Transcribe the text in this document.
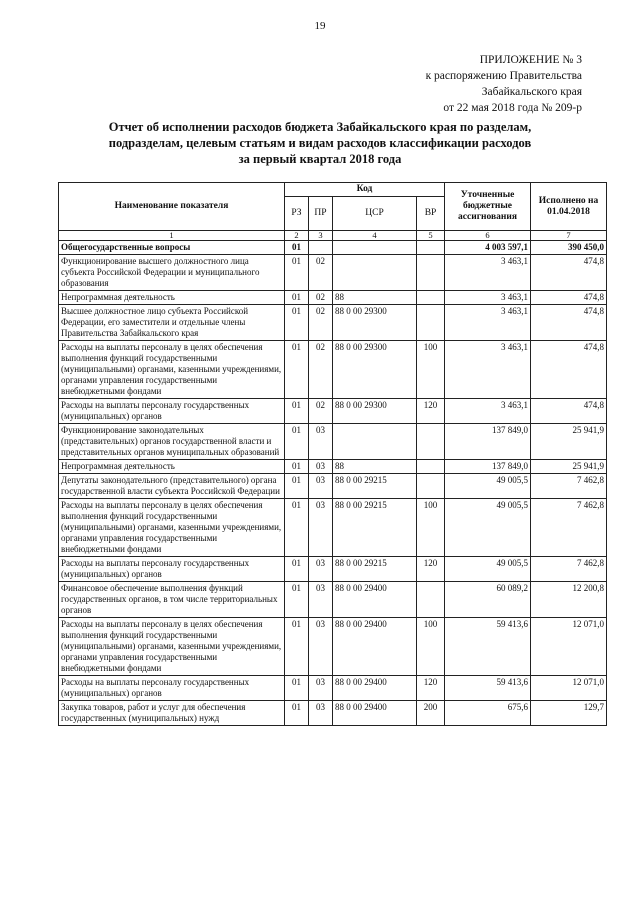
19
ПРИЛОЖЕНИЕ № 3
к распоряжению Правительства
Забайкальского края
от 22 мая 2018 года № 209-р
Отчет об исполнении расходов бюджета Забайкальского края по разделам,
подразделам, целевым статьям и видам расходов классификации расходов
за первый квартал 2018 года
Наименование показателя	Код				Уточненные бюджетные ассигнования	Исполнено на 01.04.2018
	РЗ	ПР	ЦСР	ВР		
1	2	3	4	5	6	7
Общегосударственные вопросы	01				4 003 597,1	390 450,0
Функционирование высшего должностного лица субъекта Российской Федерации и муниципального образования	01	02			3 463,1	474,8
Непрограммная деятельность	01	02	88		3 463,1	474,8
Высшее должностное лицо субъекта Российской Федерации, его заместители и отдельные члены Правительства Забайкальского края	01	02	88 0 00 29300		3 463,1	474,8
Расходы на выплаты персоналу в целях обеспечения выполнения функций государственными (муниципальными) органами, казенными учреждениями, органами управления государственными внебюджетными фондами	01	02	88 0 00 29300	100	3 463,1	474,8
Расходы на выплаты персоналу государственных (муниципальных) органов	01	02	88 0 00 29300	120	3 463,1	474,8
Функционирование законодательных (представительных) органов государственной власти и представительных органов муниципальных образований	01	03			137 849,0	25 941,9
Непрограммная деятельность	01	03	88		137 849,0	25 941,9
Депутаты законодательного (представительного) органа государственной власти субъекта Российской Федерации	01	03	88 0 00 29215		49 005,5	7 462,8
Расходы на выплаты персоналу в целях обеспечения выполнения функций государственными (муниципальными) органами, казенными учреждениями, органами управления государственными внебюджетными фондами	01	03	88 0 00 29215	100	49 005,5	7 462,8
Расходы на выплаты персоналу государственных (муниципальных) органов	01	03	88 0 00 29215	120	49 005,5	7 462,8
Финансовое обеспечение выполнения функций государственных органов, в том числе территориальных органов	01	03	88 0 00 29400		60 089,2	12 200,8
Расходы на выплаты персоналу в целях обеспечения выполнения функций государственными (муниципальными) органами, казенными учреждениями, органами управления государственными внебюджетными фондами	01	03	88 0 00 29400	100	59 413,6	12 071,0
Расходы на выплаты персоналу государственных (муниципальных) органов	01	03	88 0 00 29400	120	59 413,6	12 071,0
Закупка товаров, работ и услуг для обеспечения государственных (муниципальных) нужд	01	03	88 0 00 29400	200	675,6	129,7
